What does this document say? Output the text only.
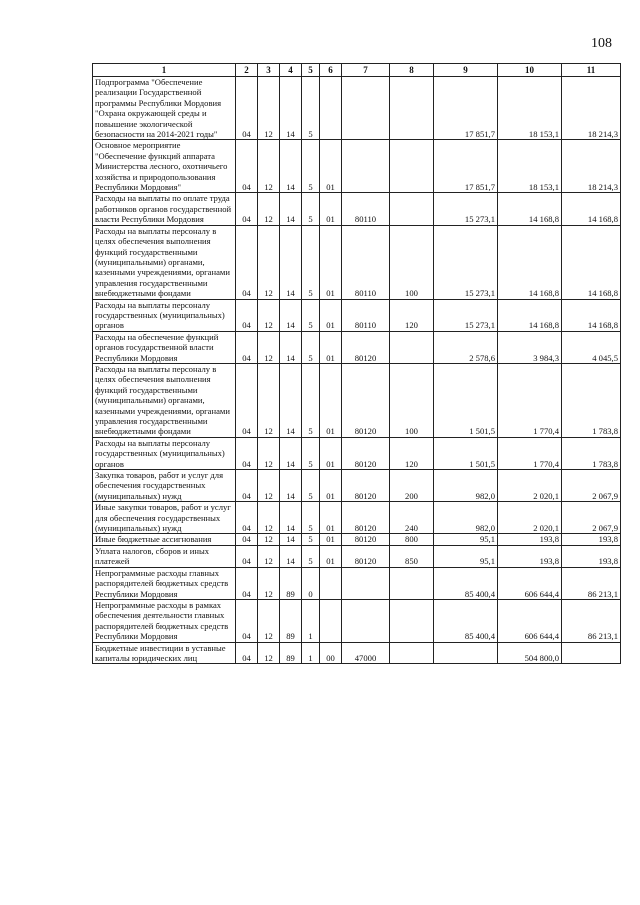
108
1	2	3	4	5	6	7	8	9	10	11
Подпрограмма "Обеспечение реализации Государственной программы Республики Мордовия "Охрана окружающей среды и повышение экологической безопасности на 2014-2021 годы"	04	12	14	5				17 851,7	18 153,1	18 214,3
Основное мероприятие "Обеспечение функций аппарата Министерства лесного, охотничьего хозяйства и природопользования Республики Мордовия"	04	12	14	5	01			17 851,7	18 153,1	18 214,3
Расходы на выплаты по оплате труда работников органов государственной власти Республики Мордовия	04	12	14	5	01	80110		15 273,1	14 168,8	14 168,8
Расходы на выплаты персоналу в целях обеспечения выполнения функций государственными (муниципальными) органами, казенными учреждениями, органами управления государственными внебюджетными фондами	04	12	14	5	01	80110	100	15 273,1	14 168,8	14 168,8
Расходы на выплаты персоналу государственных (муниципальных) органов	04	12	14	5	01	80110	120	15 273,1	14 168,8	14 168,8
Расходы на обеспечение функций органов государственной власти Республики Мордовия	04	12	14	5	01	80120		2 578,6	3 984,3	4 045,5
Расходы на выплаты персоналу в целях обеспечения выполнения функций государственными (муниципальными) органами, казенными учреждениями, органами управления государственными внебюджетными фондами	04	12	14	5	01	80120	100	1 501,5	1 770,4	1 783,8
Расходы на выплаты персоналу государственных (муниципальных) органов	04	12	14	5	01	80120	120	1 501,5	1 770,4	1 783,8
Закупка товаров, работ и услуг для обеспечения государственных (муниципальных) нужд	04	12	14	5	01	80120	200	982,0	2 020,1	2 067,9
Иные закупки товаров, работ и услуг для обеспечения государственных (муниципальных) нужд	04	12	14	5	01	80120	240	982,0	2 020,1	2 067,9
Иные бюджетные ассигнования	04	12	14	5	01	80120	800	95,1	193,8	193,8
Уплата налогов, сборов и иных платежей	04	12	14	5	01	80120	850	95,1	193,8	193,8
Непрограммные расходы главных распорядителей бюджетных средств Республики Мордовия	04	12	89	0				85 400,4	606 644,4	86 213,1
Непрограммные расходы в рамках обеспечения деятельности главных распорядителей бюджетных средств Республики Мордовия	04	12	89	1				85 400,4	606 644,4	86 213,1
Бюджетные инвестиции в уставные капиталы юридических лиц	04	12	89	1	00	47000			504 800,0	
